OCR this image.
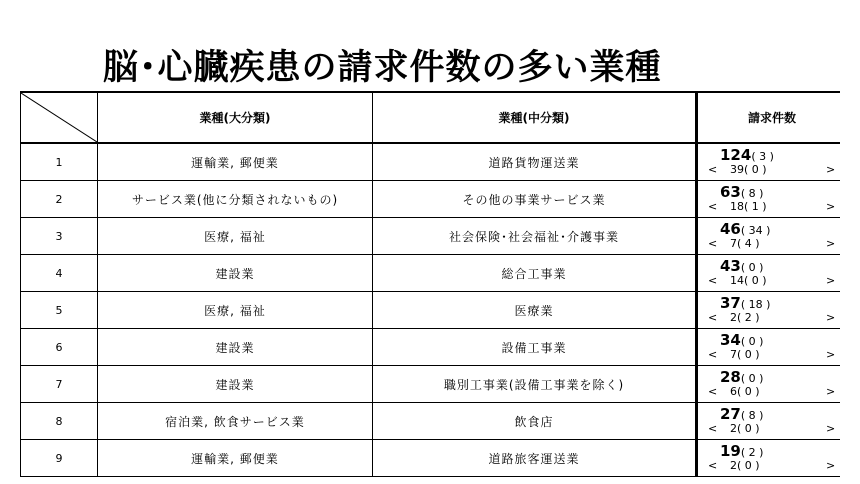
脳･心臓疾患の請求件数の多い業種
	業種(大分類)	業種(中分類)	請求件数
1	運輸業, 郵便業	道路貨物運送業	124( 3 )
< 39( 0 ) >

2	サービス業(他に分類されないもの)	その他の事業サービス業	63( 8 )
< 18( 1 ) >

3	医療, 福祉	社会保険･社会福祉･介護事業	46( 34 )
< 7( 4 ) >

4	建設業	総合工事業	43( 0 )
< 14( 0 ) >

5	医療, 福祉	医療業	37( 18 )
< 2( 2 ) >

6	建設業	設備工事業	34( 0 )
< 7( 0 ) >

7	建設業	職別工事業(設備工事業を除く)	28( 0 )
< 6( 0 ) >

8	宿泊業, 飲食サービス業	飲食店	27( 8 )
< 2( 0 ) >

9	運輸業, 郵便業	道路旅客運送業	19( 2 )
< 2( 0 ) >
